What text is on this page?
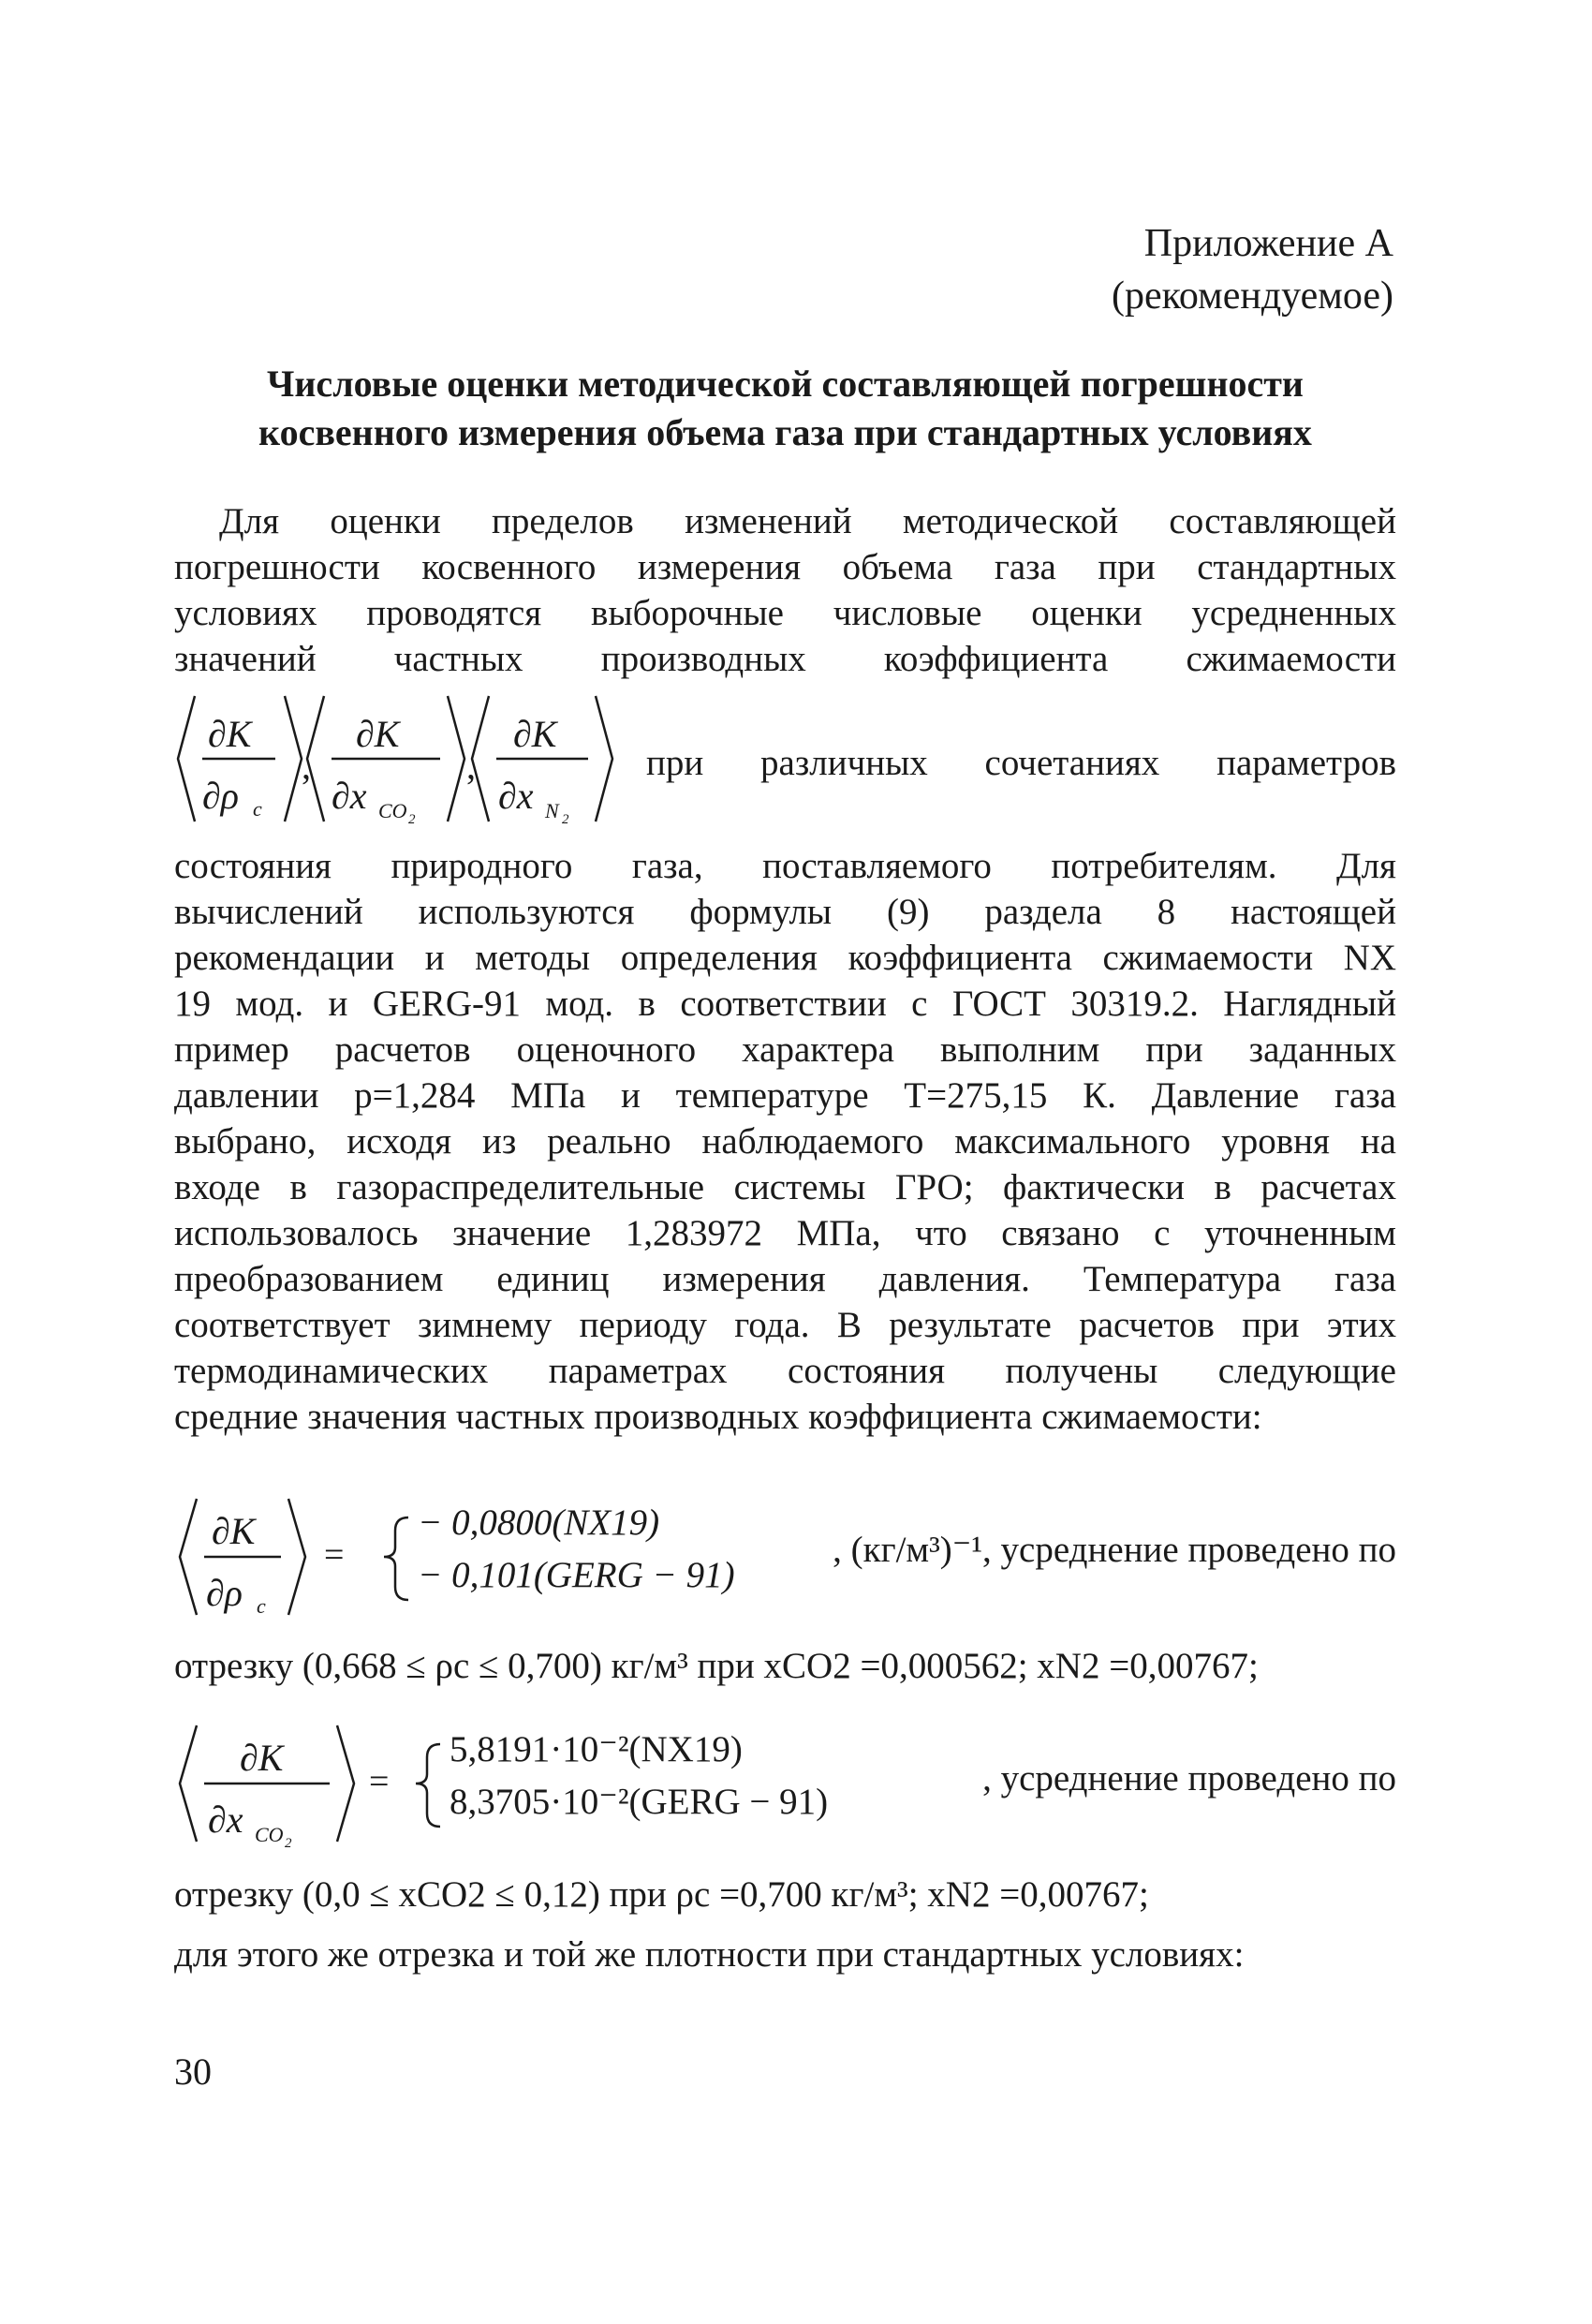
Приложение А
(рекомендуемое)
Числовые оценки методической составляющей погрешности
косвенного измерения объема газа при стандартных условиях
Для оценки пределов изменений методической составляющей
погрешности косвенного измерения объема газа при стандартных
условиях проводятся выборочные числовые оценки усредненных
значений частных производных коэффициента сжимаемости
∂K
∂ρ c
∂K
∂x CO 2
∂K
∂x N 2
,	,	при различных сочетаниях параметров
состояния природного газа, поставляемого потребителям. Для
вычислений используются формулы (9) раздела 8 настоящей
рекомендации и методы определения коэффициента сжимаемости NX
19 мод. и GERG-91 мод. в соответствии с ГОСТ 30319.2. Наглядный
пример расчетов оценочного характера выполним при заданных
давлении p=1,284 МПа и температуре T=275,15 К. Давление газа
выбрано, исходя из реально наблюдаемого максимального уровня на
входе в газораспределительные системы ГРО; фактически в расчетах
использовалось значение 1,283972 МПа, что связано с уточненным
преобразованием единиц измерения давления. Температура газа
соответствует зимнему периоду года. В результате расчетов при этих
термодинамических параметрах состояния получены следующие
средние значения частных производных коэффициента сжимаемости:
∂K
∂ρ c
=
− 0,0800(NX19)
− 0,101(GERG − 91)
, (кг/м³)⁻¹, усреднение проведено по
отрезку (0,668 ≤ ρc ≤ 0,700) кг/м³ при xCO2 =0,000562; xN2 =0,00767;
∂K
∂x CO 2
=
5,8191·10⁻²(NX19)
8,3705·10⁻²(GERG − 91)
, усреднение проведено по
отрезку (0,0 ≤ xCO2 ≤ 0,12) при ρc =0,700 кг/м³; xN2 =0,00767;
для этого же отрезка и той же плотности при стандартных условиях:
30
